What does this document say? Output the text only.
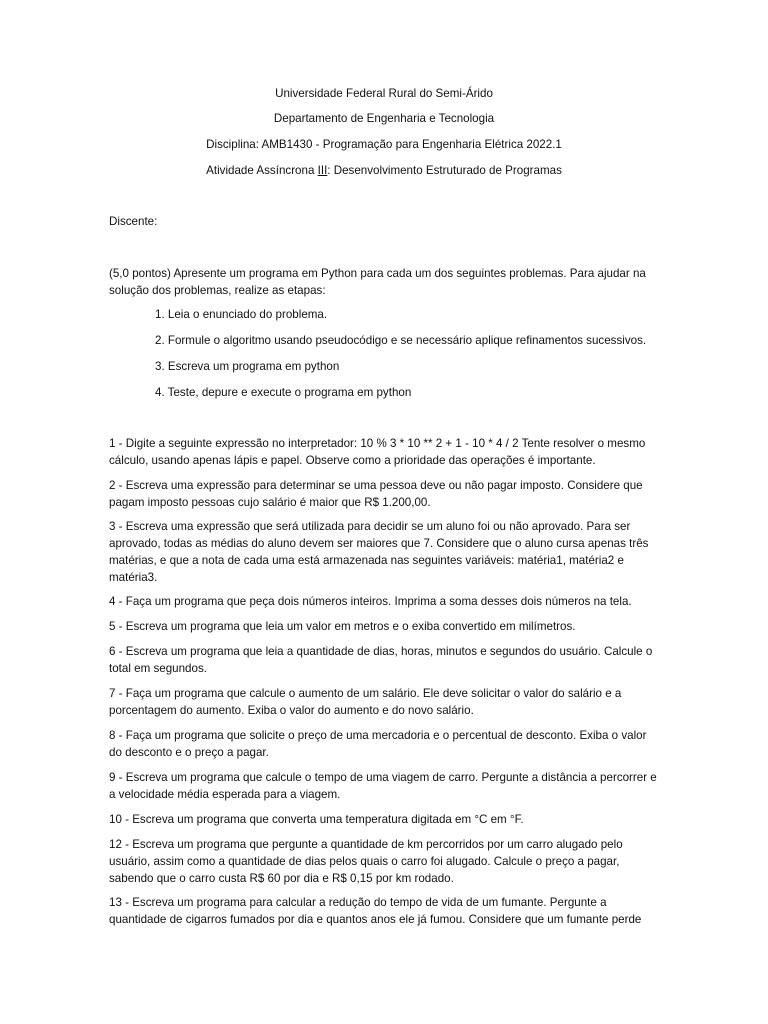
Universidade Federal Rural do Semi-Árido
Departamento de Engenharia e Tecnologia
Disciplina: AMB1430 - Programação para Engenharia Elétrica 2022.1
Atividade Assíncrona III: Desenvolvimento Estruturado de Programas
Discente:

(5,0 pontos) Apresente um programa em Python para cada um dos seguintes problemas. Para ajudar na solução dos problemas, realize as etapas:

1. Leia o enunciado do problema.
2. Formule o algoritmo usando pseudocódigo e se necessário aplique refinamentos sucessivos.
3. Escreva um programa em python
4. Teste, depure e execute o programa em python

1 - Digite a seguinte expressão no interpretador: 10 % 3 * 10 ** 2 + 1 - 10 * 4 / 2 Tente resolver o mesmo cálculo, usando apenas lápis e papel. Observe como a prioridade das operações é importante.

2 - Escreva uma expressão para determinar se uma pessoa deve ou não pagar imposto. Considere que pagam imposto pessoas cujo salário é maior que R$ 1.200,00.

3 - Escreva uma expressão que será utilizada para decidir se um aluno foi ou não aprovado. Para ser aprovado, todas as médias do aluno devem ser maiores que 7. Considere que o aluno cursa apenas três matérias, e que a nota de cada uma está armazenada nas seguintes variáveis: matéria1, matéria2 e matéria3.

4 - Faça um programa que peça dois números inteiros. Imprima a soma desses dois números na tela.

5 - Escreva um programa que leia um valor em metros e o exiba convertido em milímetros.

6 - Escreva um programa que leia a quantidade de dias, horas, minutos e segundos do usuário. Calcule o total em segundos.

7 - Faça um programa que calcule o aumento de um salário. Ele deve solicitar o valor do salário e a porcentagem do aumento. Exiba o valor do aumento e do novo salário.

8 - Faça um programa que solicite o preço de uma mercadoria e o percentual de desconto. Exiba o valor do desconto e o preço a pagar.

9 - Escreva um programa que calcule o tempo de uma viagem de carro. Pergunte a distância a percorrer e a velocidade média esperada para a viagem.

10 - Escreva um programa que converta uma temperatura digitada em °C em °F.

12 - Escreva um programa que pergunte a quantidade de km percorridos por um carro alugado pelo usuário, assim como a quantidade de dias pelos quais o carro foi alugado. Calcule o preço a pagar, sabendo que o carro custa R$ 60 por dia e R$ 0,15 por km rodado.

13 - Escreva um programa para calcular a redução do tempo de vida de um fumante. Pergunte a quantidade de cigarros fumados por dia e quantos anos ele já fumou. Considere que um fumante perde
